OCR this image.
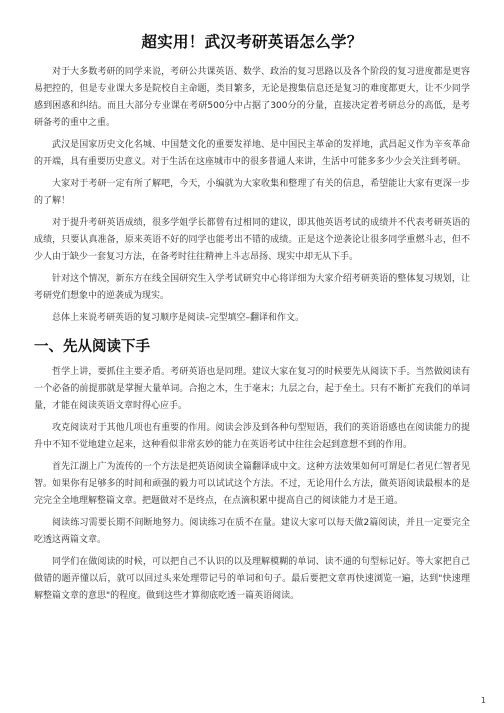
超实用！武汉考研英语怎么学？

对于大多数考研的同学来说，考研公共课英语、数学、政治的复习思路以及各个阶段的复习进度都是更容易把控的，但是专业课大多是院校自主命题，类目繁多，无论是搜集信息还是复习的难度都更大，让不少同学感到困惑和纠结。而且大部分专业课在考研500分中占据了300分的分量，直接决定着考研总分的高低，是考研备考的重中之重。

武汉是国家历史文化名城、中国楚文化的重要发祥地、是中国民主革命的发祥地，武昌起义作为辛亥革命的开端，具有重要历史意义。对于生活在这座城市中的很多普通人来讲，生活中可能多多少少会关注到考研。

大家对于考研一定有所了解吧，今天，小编就为大家收集和整理了有关的信息，希望能让大家有更深一步的了解！

对于提升考研英语成绩，很多学姐学长都曾有过相同的建议，即其他英语考试的成绩并不代表考研英语的成绩，只要认真准备，原来英语不好的同学也能考出不错的成绩。正是这个逆袭论让很多同学重燃斗志，但不少人由于缺少一套复习方法，在备考时往往精神上斗志昂扬、现实中却无从下手。

针对这个情况，新东方在线全国研究生入学考试研究中心将详细为大家介绍考研英语的整体复习规划，让考研党们想象中的逆袭成为现实。

总体上来说考研英语的复习顺序是阅读–完型填空–翻译和作文。

一、先从阅读下手

哲学上讲，要抓住主要矛盾。考研英语也是同理。建议大家在复习的时候要先从阅读下手。当然做阅读有一个必备的前提那就是掌握大量单词。合抱之木，生于毫末；九层之台，起于垒土。只有不断扩充我们的单词量，才能在阅读英语文章时得心应手。

攻克阅读对于其他几项也有重要的作用。阅读会涉及到各种句型短语，我们的英语语感也在阅读能力的提升中不知不觉地建立起来，这种看似非常玄妙的能力在英语考试中往往会起到意想不到的作用。

首先江湖上广为流传的一个方法是把英语阅读全篇翻译成中文。这种方法效果如何可谓是仁者见仁智者见智。如果你有足够多的时间和顽强的毅力可以试试这个方法。不过，无论用什么方法，做英语阅读最根本的是完完全全地理解整篇文章。把题做对不是终点，在点滴积累中提高自己的阅读能力才是王道。

阅读练习需要长期不间断地努力。阅读练习在质不在量。建议大家可以每天做2篇阅读，并且一定要完全吃透这两篇文章。

同学们在做阅读的时候，可以把自己不认识的以及理解模糊的单词、读不通的句型标记好。等大家把自己做错的题弄懂以后，就可以回过头来处理带记号的单词和句子。最后要把文章再快速浏览一遍，达到"快速理解整篇文章的意思"的程度。做到这些才算彻底吃透一篇英语阅读。

1
